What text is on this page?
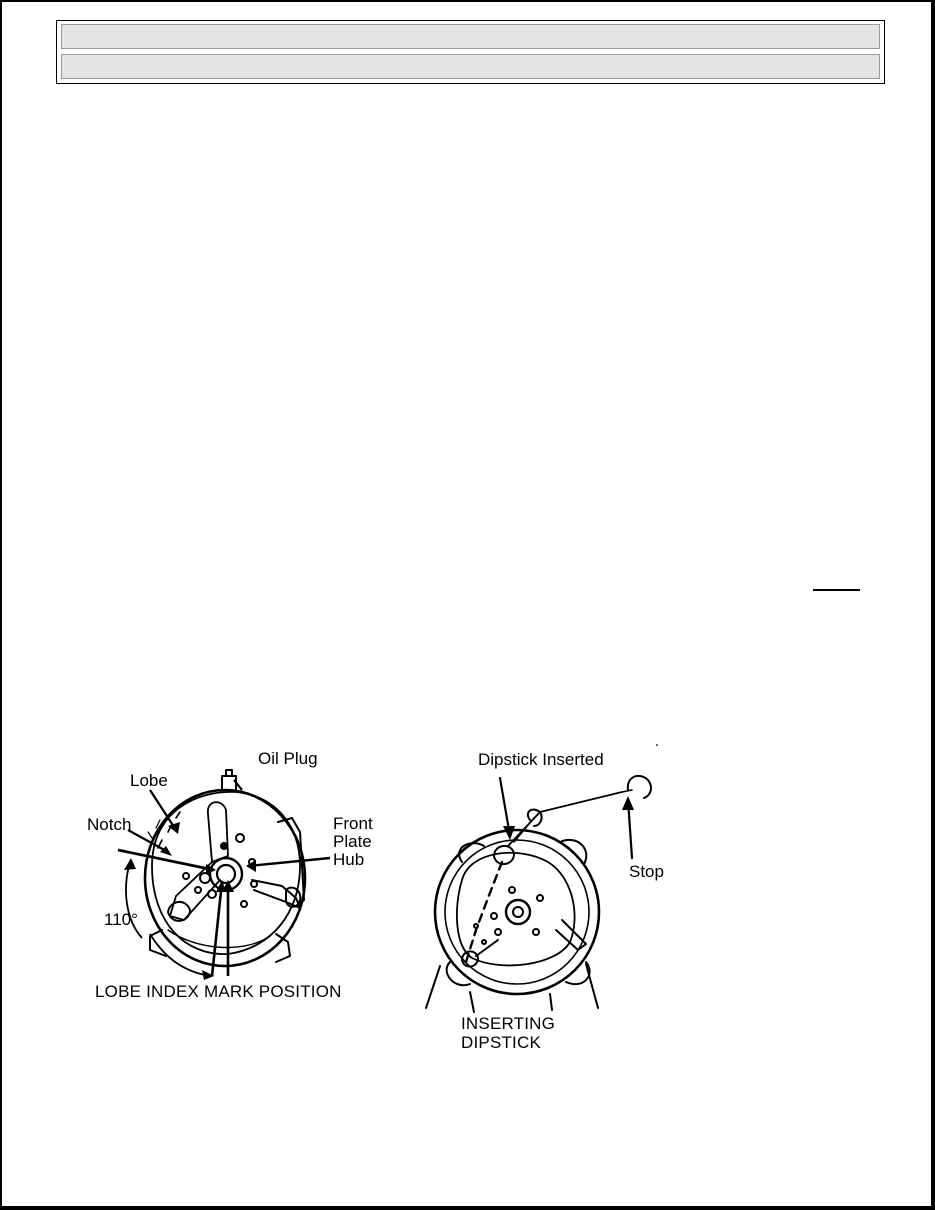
Oil Plug
Lobe
Notch	Front
Plate
Hub
110°
LOBE INDEX MARK POSITION
Dipstick Inserted
Stop
INSERTING
DIPSTICK
